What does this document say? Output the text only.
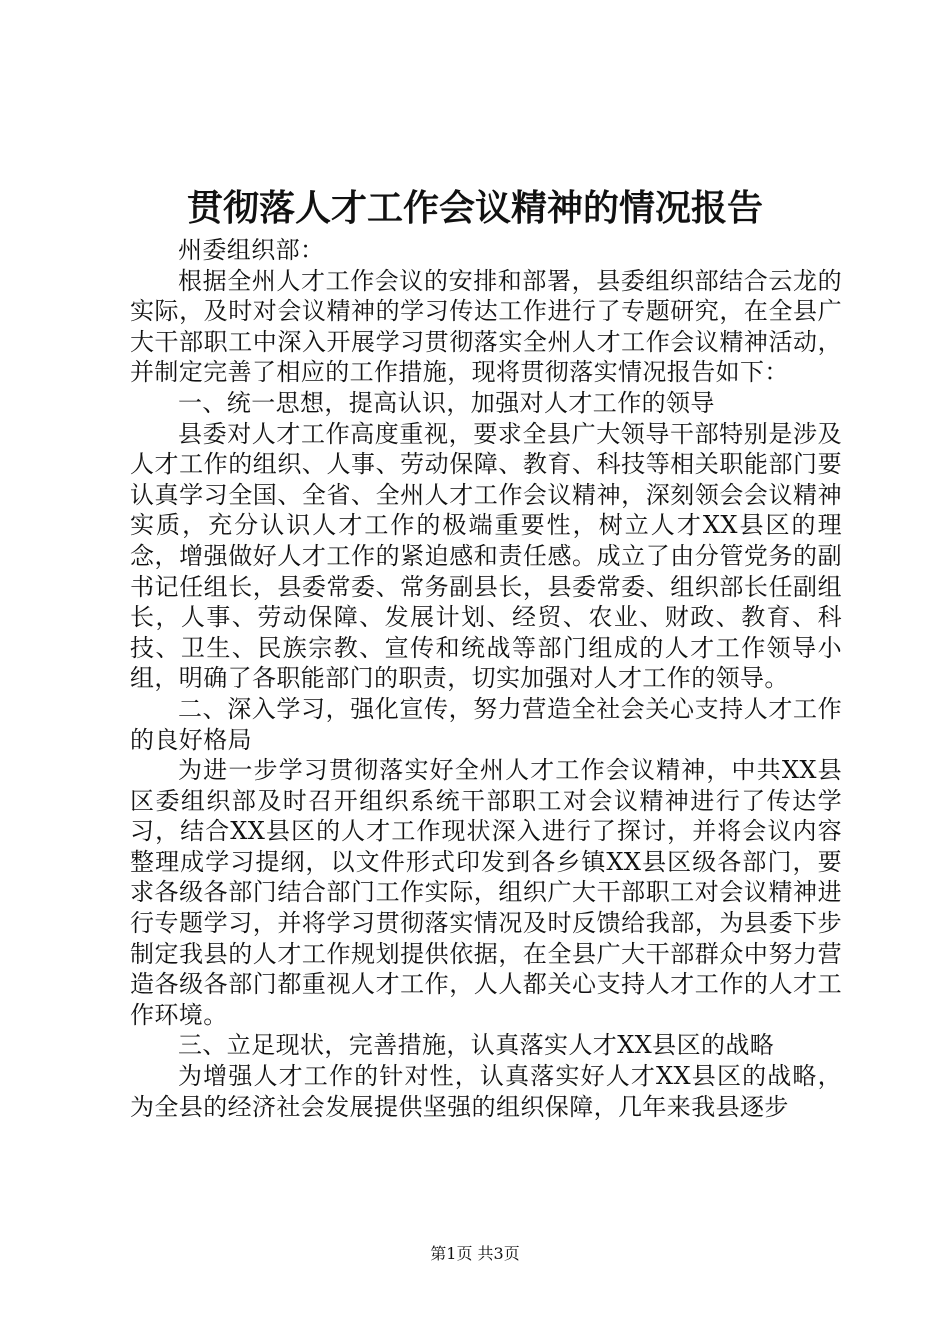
贯彻落人才工作会议精神的情况报告

州委组织部：

根据全州人才工作会议的安排和部署，县委组织部结合云龙的实际，及时对会议精神的学习传达工作进行了专题研究，在全县广大干部职工中深入开展学习贯彻落实全州人才工作会议精神活动，并制定完善了相应的工作措施，现将贯彻落实情况报告如下：

一、统一思想，提高认识，加强对人才工作的领导

县委对人才工作高度重视，要求全县广大领导干部特别是涉及人才工作的组织、人事、劳动保障、教育、科技等相关职能部门要认真学习全国、全省、全州人才工作会议精神，深刻领会会议精神实质，充分认识人才工作的极端重要性，树立人才XX县区的理念，增强做好人才工作的紧迫感和责任感。成立了由分管党务的副书记任组长，县委常委、常务副县长，县委常委、组织部长任副组长，人事、劳动保障、发展计划、经贸、农业、财政、教育、科技、卫生、民族宗教、宣传和统战等部门组成的人才工作领导小组，明确了各职能部门的职责，切实加强对人才工作的领导。

二、深入学习，强化宣传，努力营造全社会关心支持人才工作的良好格局

为进一步学习贯彻落实好全州人才工作会议精神，中共XX县区委组织部及时召开组织系统干部职工对会议精神进行了传达学习，结合XX县区的人才工作现状深入进行了探讨，并将会议内容整理成学习提纲，以文件形式印发到各乡镇XX县区级各部门，要求各级各部门结合部门工作实际，组织广大干部职工对会议精神进行专题学习，并将学习贯彻落实情况及时反馈给我部，为县委下步制定我县的人才工作规划提供依据，在全县广大干部群众中努力营造各级各部门都重视人才工作，人人都关心支持人才工作的人才工作环境。

三、立足现状，完善措施，认真落实人才XX县区的战略

为增强人才工作的针对性，认真落实好人才XX县区的战略，为全县的经济社会发展提供坚强的组织保障，几年来我县逐步

第1页 共3页
